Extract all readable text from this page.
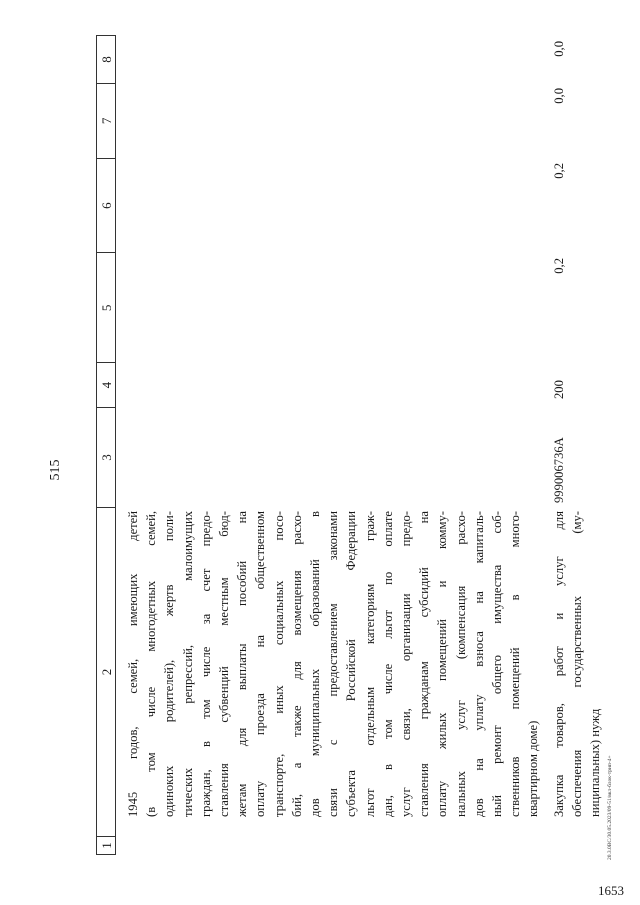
515
1653
20.3.0ВС/30.05.2023/09-51/вкл-блок-трип-4+
1
2
3
4
5
6
7
8
1945 годов, семей, имеющих детей (в том числе многодетных семей, одиноких родителей), жертв поли- тических репрессий, малоимущих граждан, в том числе за счет предо- ставления субвенций местным бюд- жетам для выплаты пособий на оплату проезда на общественном транспорте, иных социальных посо- бий, а также для возмещения расхо- дов муниципальных образований в связи с предоставлением законами субъекта Российской Федерации льгот отдельным категориям граж- дан, в том числе льгот по оплате услуг связи, организации предо- ставления гражданам субсидий на оплату жилых помещений и комму- нальных услуг (компенсация расхо- дов на уплату взноса на капиталь- ный ремонт общего имущества соб- ственников помещений в много- квартирном доме) Закупка товаров, работ и услуг для обеспечения государственных (му- ниципальных) нужд
999006736А
200
0,2
0,2
0,0
0,0
